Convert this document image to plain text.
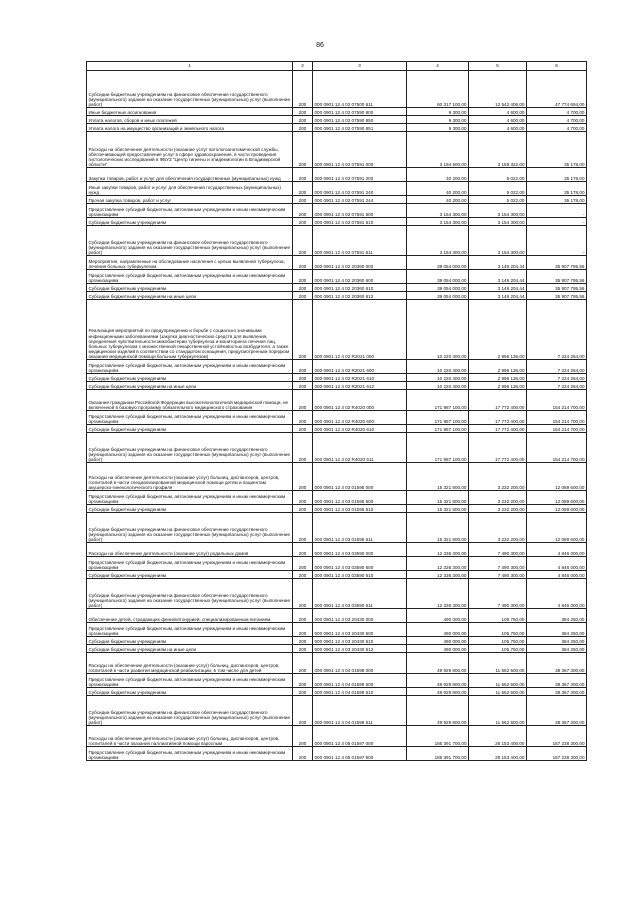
86
1	2	3	4	5	6
Субсидии бюджетным учреждениям на финансовое обеспечение государственного (муниципального) задания на оказание государственных (муниципальных) услуг (выполнение работ)	200	000 0901 12 4 02 07500 611	60 317 100,00	12 542 406,00	47 774 694,00
Иные бюджетные ассигнования	200	000 0901 12 4 02 07590 800	9 300,00	4 600,00	4 700,00
Уплата налогов, сборов и иных платежей	200	000 0901 12 4 02 07590 850	9 300,00	4 600,00	4 700,00
Уплата налога на имущество организаций и земельного налога	200	000 0901 12 4 02 07590 851	9 300,00	4 600,00	4 700,00
Расходы на обеспечение деятельности (оказание услуг патологоанатомической службы, обеспечивающей предоставление услуг в сфере здравоохранения, в части проведения гистологических исследований в ФБУЗ "Центр гигиены и эпидемиологии в Владимирской области"	200	000 0901 12 4 02 07591 000	3 194 500,00	3 159 322,00	35 178,00
Закупка товаров, работ и услуг для обеспечения государственных (муниципальных) нужд	200	000 0901 12 4 02 07591 200	40 200,00	5 022,00	35 178,00
Иные закупки товаров, работ и услуг для обеспечения государственных (муниципальных) нужд	200	000 0901 12 4 02 07591 240	40 200,00	5 022,00	35 178,00
Прочая закупка товаров, работ и услуг	200	000 0901 12 4 02 07591 244	40 200,00	5 022,00	35 178,00
Предоставление субсидий бюджетным, автономным учреждениям и иным некоммерческим организациям	200	000 0901 12 4 02 07591 600	3 154 300,00	3 154 300,00	-
Субсидии бюджетным учреждениям	200	000 0901 12 4 02 07591 610	3 154 300,00	3 154 300,00	-
Субсидии бюджетным учреждениям на финансовое обеспечение государственного (муниципального) задания на оказание государственных (муниципальных) услуг (выполнение работ)	200	000 0901 12 4 02 07591 611	3 154 300,00	3 154 300,00	-
Мероприятия, направленные на обследование населения с целью выявления туберкулеза, лечения больных туберкулезом	200	000 0901 12 4 02 20360 000	39 054 000,00	3 146 204,44	35 907 795,56
Предоставление субсидий бюджетным, автономным учреждениям и иным некоммерческим организациям	200	000 0901 12 4 02 20360 600	39 054 000,00	3 146 204,44	35 907 795,56
Субсидии бюджетным учреждениям	200	000 0901 12 4 02 20360 610	39 054 000,00	3 146 204,44	35 907 795,56
Субсидии бюджетным учреждениям на иные цели	200	000 0901 12 4 02 20360 612	39 054 000,00	3 146 204,44	35 907 795,56
Реализация мероприятий по предупреждению и борьбе с социально значимыми инфекционными заболеваниями (закупка диагностических средств для выявления, определения чувствительности микобактерии туберкулеза и мониторинга лечения лиц, больных туберкулезом с множественной лекарственной устойчивостью возбудителя, а также медицинских изделий в соответствии со стандартом оснащения, предусмотренным порядком оказания медицинской помощи больным туберкулезом)	200	000 0901 12 4 02 R2021 000	10 220 400,00	2 996 136,00	7 224 264,00
Предоставление субсидий бюджетным, автономным учреждениям и иным некоммерческим организациям	200	000 0901 12 4 02 R2021 600	10 220 400,00	2 996 136,00	7 224 264,00
Субсидии бюджетным учреждениям	200	000 0901 12 4 02 R2021 610	10 220 400,00	2 996 136,00	7 224 264,00
Субсидии бюджетным учреждениям на иные цели	200	000 0901 12 4 02 R2021 612	10 220 400,00	2 996 136,00	7 224 264,00
Оказание гражданам Российской Федерации высокотехнологичной медицинской помощи, не включенной в базовую программу обязательного медицинского страхования	200	000 0901 12 4 02 R4020 000	171 987 100,00	17 772 400,00	154 214 700,00
Предоставление субсидий бюджетным, автономным учреждениям и иным некоммерческим организациям	200	000 0901 12 4 02 R4020 600	171 987 100,00	17 772 400,00	154 214 700,00
Субсидии бюджетным учреждениям	200	000 0901 12 4 02 R4020 610	171 987 100,00	17 772 400,00	154 214 700,00
Субсидии бюджетным учреждениям на финансовое обеспечение государственного (муниципального) задания на оказание государственных (муниципальных) услуг (выполнение работ)	200	000 0901 12 4 02 R4020 611	171 987 100,00	17 772 400,00	154 214 700,00
Расходы на обеспечение деятельности (оказание услуг) больниц, диспансеров, центров, госпиталей в части специализированной медицинской помощи детям и пациентам акушерско-гинекологического профиля	200	000 0901 12 4 03 01595 000	15 321 800,00	3 232 200,00	12 089 600,00
Предоставление субсидий бюджетным, автономным учреждениям и иным некоммерческим организациям	200	000 0901 12 4 03 01595 600	15 321 800,00	3 232 200,00	12 089 600,00
Субсидии бюджетным учреждениям	200	000 0901 12 4 03 01595 610	15 321 800,00	3 232 200,00	12 089 600,00
Субсидии бюджетным учреждениям на финансовое обеспечение государственного (муниципального) задания на оказание государственных (муниципальных) услуг (выполнение работ)	200	000 0901 12 4 03 01595 611	15 321 800,00	3 232 200,00	12 089 600,00
Расходы на обеспечение деятельности (оказание услуг) родильных домов	200	000 0901 12 4 03 03590 000	12 336 300,00	7 490 300,00	4 846 000,00
Предоставление субсидий бюджетным, автономным учреждениям и иным некоммерческим организациям	200	000 0901 12 4 03 03590 600	12 336 300,00	7 490 300,00	4 846 000,00
Субсидии бюджетным учреждениям	200	000 0901 12 4 03 03590 610	12 336 300,00	7 490 300,00	4 846 000,00
Субсидии бюджетным учреждениям на финансовое обеспечение государственного (муниципального) задания на оказание государственных (муниципальных) услуг (выполнение работ)	200	000 0901 12 4 03 03590 611	12 336 300,00	7 490 300,00	4 846 000,00
Обеспечение детей, страдающих фенилкетонурией, специализированным питанием	200	000 0901 12 4 03 20430 000	490 000,00	105 750,00	384 250,00
Предоставление субсидий бюджетным, автономным учреждениям и иным некоммерческим организациям	200	000 0901 12 4 03 20430 600	490 000,00	105 750,00	384 250,00
Субсидии бюджетным учреждениям	200	000 0901 12 4 03 20430 610	490 000,00	105 750,00	384 250,00
Субсидии бюджетным учреждениям на иные цели	200	000 0901 12 4 03 20430 612	490 000,00	105 750,00	384 250,00
Расходы на обеспечение деятельности (оказание услуг) больниц, диспансеров, центров, госпиталей в части развития медицинской реабилитации, в том числе для детей	200	000 0901 12 4 04 01598 000	49 929 800,00	11 562 500,00	38 367 300,00
Предоставление субсидий бюджетным, автономным учреждениям и иным некоммерческим организациям	200	000 0901 12 4 04 01598 600	49 929 800,00	11 562 500,00	38 367 300,00
Субсидии бюджетным учреждениям	200	000 0901 12 4 04 01598 610	49 929 800,00	11 562 500,00	38 367 300,00
Субсидии бюджетным учреждениям на финансовое обеспечение государственного (муниципального) задания на оказание государственных (муниципальных) услуг (выполнение работ)	200	000 0901 12 4 04 01598 611	49 929 800,00	11 562 500,00	38 367 300,00
Расходы на обеспечение деятельности (оказание услуг) больниц, диспансеров, центров, госпиталей в части оказания паллиативной помощи взрослым	200	000 0901 12 4 05 01597 000	185 391 700,00	28 153 400,00	157 238 300,00
Предоставление субсидий бюджетным, автономным учреждениям и иным некоммерческим организациям	200	000 0901 12 4 05 01597 600	185 391 700,00	28 153 400,00	157 238 300,00
